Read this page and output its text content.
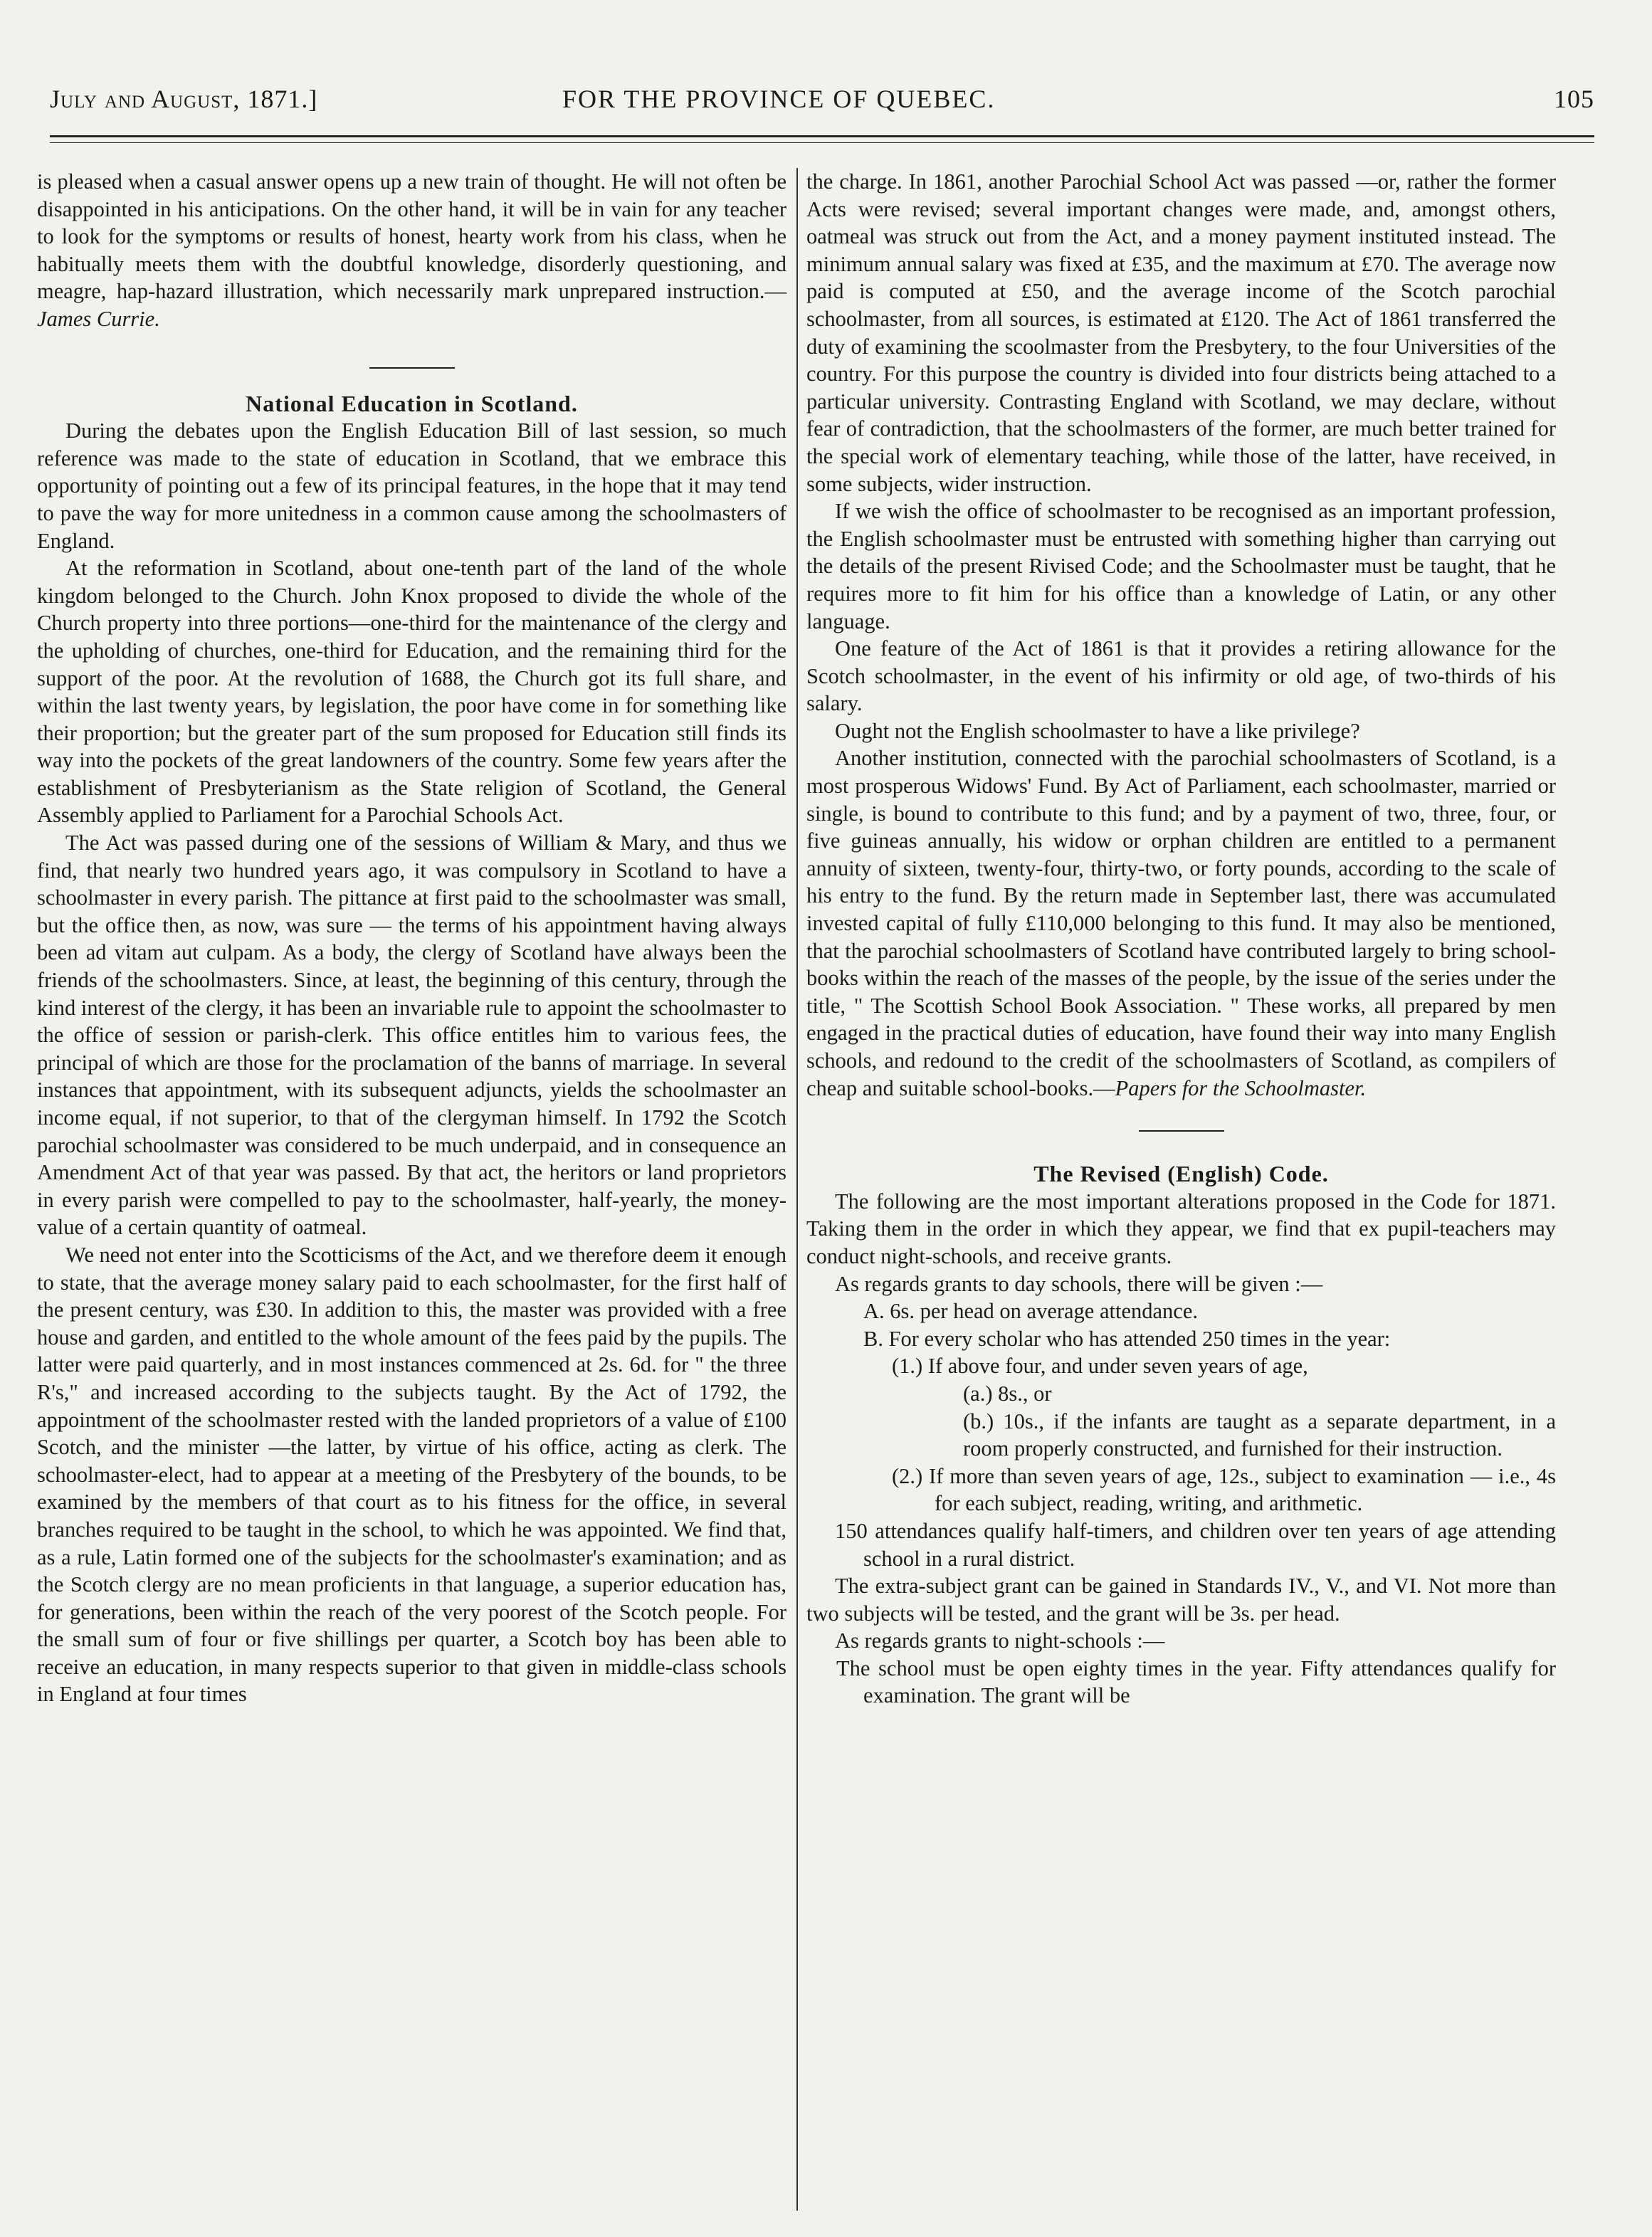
July and August, 1871.]	FOR THE PROVINCE OF QUEBEC.	105

is pleased when a casual answer opens up a new train of thought. He will not often be disappointed in his anticipations. On the other hand, it will be in vain for any teacher to look for the symptoms or results of honest, hearty work from his class, when he habitually meets them with the doubtful knowledge, disorderly questioning, and meagre, hap-hazard illustration, which necessarily mark unprepared instruction.—James Currie.

National Education in Scotland.

During the debates upon the English Education Bill of last session, so much reference was made to the state of education in Scotland, that we embrace this opportunity of pointing out a few of its principal features, in the hope that it may tend to pave the way for more unitedness in a common cause among the schoolmasters of England.

At the reformation in Scotland, about one-tenth part of the land of the whole kingdom belonged to the Church. John Knox proposed to divide the whole of the Church property into three portions—one-third for the maintenance of the clergy and the upholding of churches, one-third for Education, and the remaining third for the support of the poor. At the revolution of 1688, the Church got its full share, and within the last twenty years, by legislation, the poor have come in for something like their proportion; but the greater part of the sum proposed for Education still finds its way into the pockets of the great landowners of the country. Some few years after the establishment of Presbyterianism as the State religion of Scotland, the General Assembly applied to Parliament for a Parochial Schools Act.

The Act was passed during one of the sessions of William & Mary, and thus we find, that nearly two hundred years ago, it was compulsory in Scotland to have a schoolmaster in every parish. The pittance at first paid to the schoolmaster was small, but the office then, as now, was sure — the terms of his appointment having always been ad vitam aut culpam. As a body, the clergy of Scotland have always been the friends of the schoolmasters. Since, at least, the beginning of this century, through the kind interest of the clergy, it has been an invariable rule to appoint the schoolmaster to the office of session or parish-clerk. This office entitles him to various fees, the principal of which are those for the proclamation of the banns of marriage. In several instances that appointment, with its subsequent adjuncts, yields the schoolmaster an income equal, if not superior, to that of the clergyman himself. In 1792 the Scotch parochial schoolmaster was considered to be much underpaid, and in consequence an Amendment Act of that year was passed. By that act, the heritors or land proprietors in every parish were compelled to pay to the schoolmaster, half-yearly, the money-value of a certain quantity of oatmeal.

We need not enter into the Scotticisms of the Act, and we therefore deem it enough to state, that the average money salary paid to each schoolmaster, for the first half of the present century, was £30. In addition to this, the master was provided with a free house and garden, and entitled to the whole amount of the fees paid by the pupils. The latter were paid quarterly, and in most instances commenced at 2s. 6d. for " the three R's," and increased according to the subjects taught. By the Act of 1792, the appointment of the schoolmaster rested with the landed proprietors of a value of £100 Scotch, and the minister —the latter, by virtue of his office, acting as clerk. The schoolmaster-elect, had to appear at a meeting of the Presbytery of the bounds, to be examined by the members of that court as to his fitness for the office, in several branches required to be taught in the school, to which he was appointed. We find that, as a rule, Latin formed one of the subjects for the schoolmaster's examination; and as the Scotch clergy are no mean proficients in that language, a superior education has, for generations, been within the reach of the very poorest of the Scotch people. For the small sum of four or five shillings per quarter, a Scotch boy has been able to receive an education, in many respects superior to that given in middle-class schools in England at four times

the charge. In 1861, another Parochial School Act was passed —or, rather the former Acts were revised; several important changes were made, and, amongst others, oatmeal was struck out from the Act, and a money payment instituted instead. The minimum annual salary was fixed at £35, and the maximum at £70. The average now paid is computed at £50, and the average income of the Scotch parochial schoolmaster, from all sources, is estimated at £120. The Act of 1861 transferred the duty of examining the scoolmaster from the Presbytery, to the four Universities of the country. For this purpose the country is divided into four districts being attached to a particular university. Contrasting England with Scotland, we may declare, without fear of contradiction, that the schoolmasters of the former, are much better trained for the special work of elementary teaching, while those of the latter, have received, in some subjects, wider instruction.

If we wish the office of schoolmaster to be recognised as an important profession, the English schoolmaster must be entrusted with something higher than carrying out the details of the present Rivised Code; and the Schoolmaster must be taught, that he requires more to fit him for his office than a knowledge of Latin, or any other language.

One feature of the Act of 1861 is that it provides a retiring allowance for the Scotch schoolmaster, in the event of his infirmity or old age, of two-thirds of his salary.

Ought not the English schoolmaster to have a like privilege?

Another institution, connected with the parochial schoolmasters of Scotland, is a most prosperous Widows' Fund. By Act of Parliament, each schoolmaster, married or single, is bound to contribute to this fund; and by a payment of two, three, four, or five guineas annually, his widow or orphan children are entitled to a permanent annuity of sixteen, twenty-four, thirty-two, or forty pounds, according to the scale of his entry to the fund. By the return made in September last, there was accumulated invested capital of fully £110,000 belonging to this fund. It may also be mentioned, that the parochial schoolmasters of Scotland have contributed largely to bring school-books within the reach of the masses of the people, by the issue of the series under the title, " The Scottish School Book Association. " These works, all prepared by men engaged in the practical duties of education, have found their way into many English schools, and redound to the credit of the schoolmasters of Scotland, as compilers of cheap and suitable school-books.—Papers for the Schoolmaster.

The Revised (English) Code.

The following are the most important alterations proposed in the Code for 1871. Taking them in the order in which they appear, we find that ex pupil-teachers may conduct night-schools, and receive grants.

As regards grants to day schools, there will be given :—

A. 6s. per head on average attendance.

B. For every scholar who has attended 250 times in the year:

(1.) If above four, and under seven years of age,

(a.) 8s., or

(b.) 10s., if the infants are taught as a separate department, in a room properly constructed, and furnished for their instruction.

(2.) If more than seven years of age, 12s., subject to examination — i.e., 4s for each subject, reading, writing, and arithmetic.

150 attendances qualify half-timers, and children over ten years of age attending school in a rural district.

The extra-subject grant can be gained in Standards IV., V., and VI. Not more than two subjects will be tested, and the grant will be 3s. per head.

As regards grants to night-schools :—

The school must be open eighty times in the year. Fifty attendances qualify for examination. The grant will be
